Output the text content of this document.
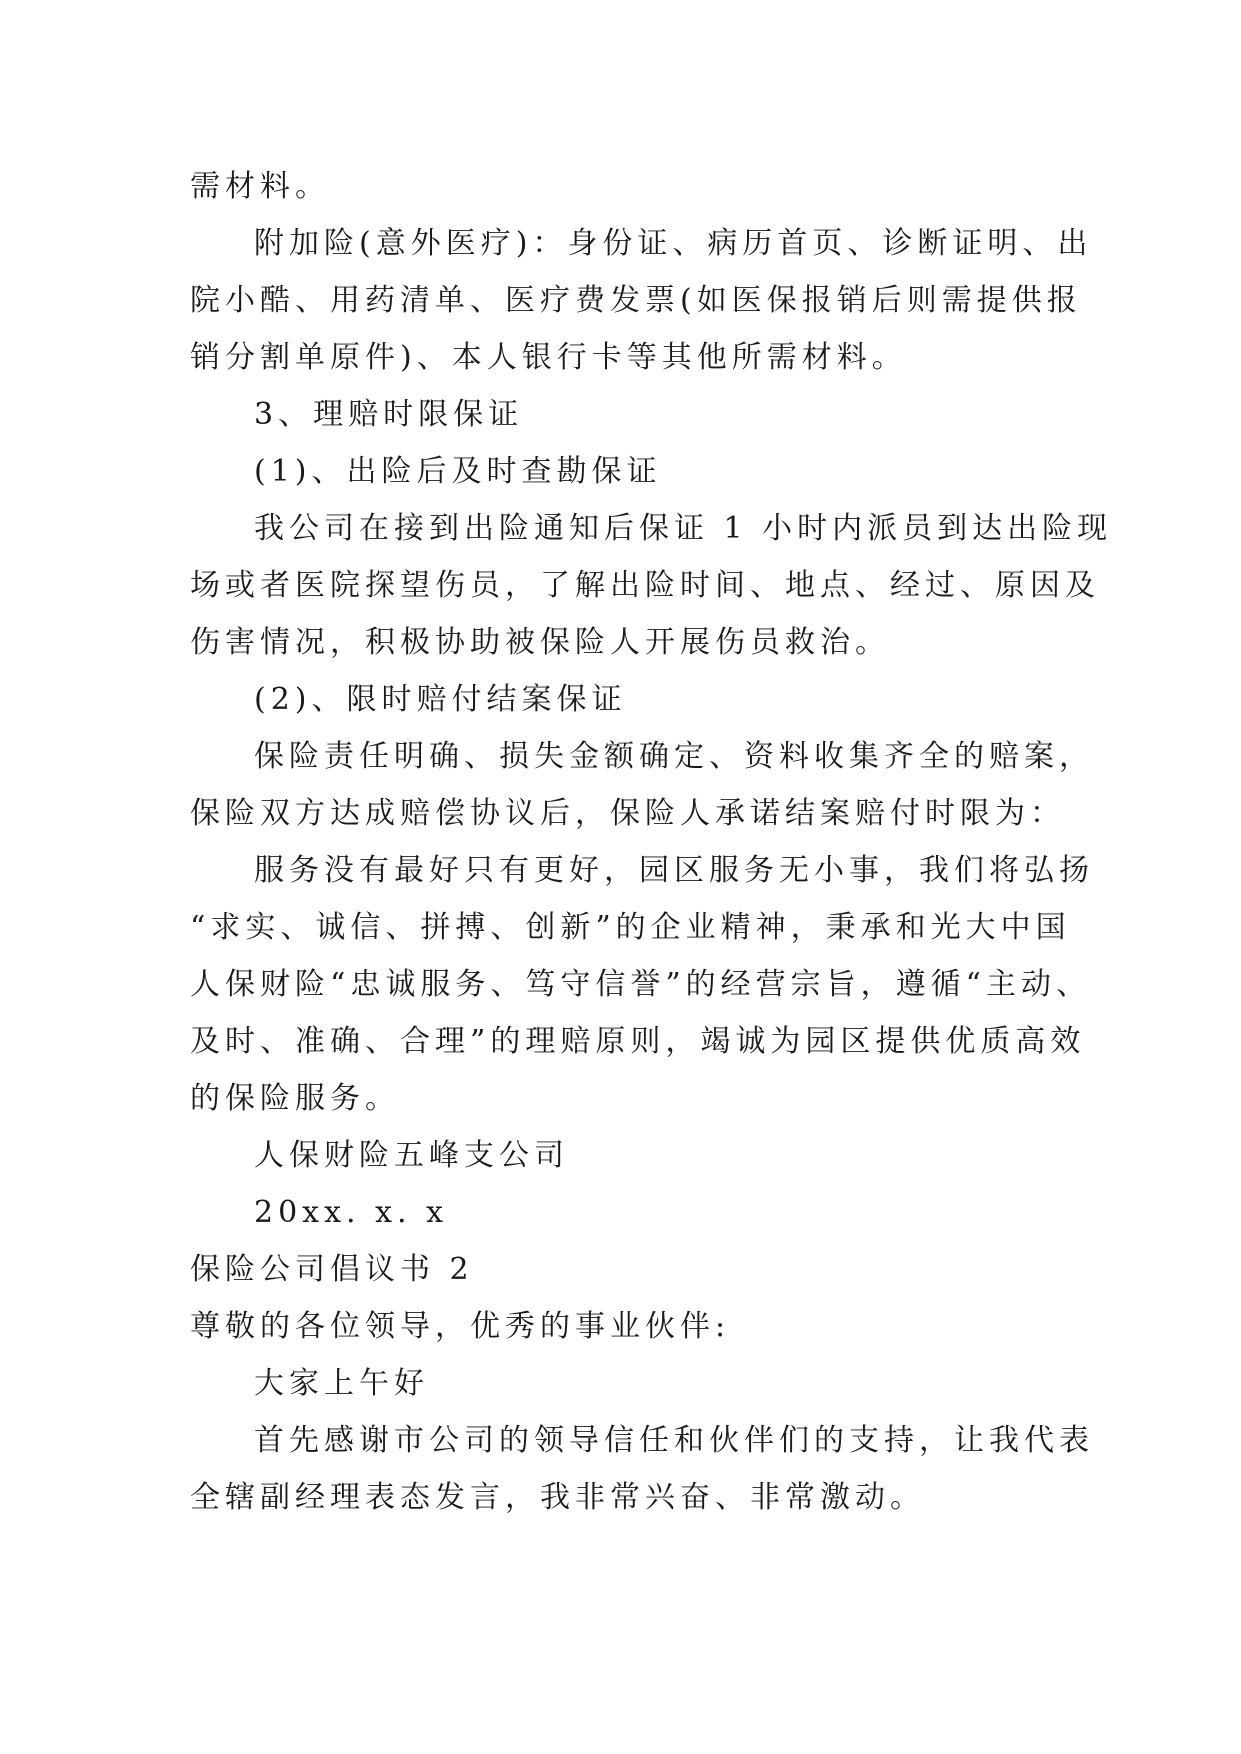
需材料。

附加险(意外医疗)：身份证、病历首页、诊断证明、出

院小酷、用药清单、医疗费发票(如医保报销后则需提供报

销分割单原件)、本人银行卡等其他所需材料。

3、理赔时限保证

(1)、出险后及时查勘保证

我公司在接到出险通知后保证 1 小时内派员到达出险现

场或者医院探望伤员，了解出险时间、地点、经过、原因及

伤害情况，积极协助被保险人开展伤员救治。

(2)、限时赔付结案保证

保险责任明确、损失金额确定、资料收集齐全的赔案，

保险双方达成赔偿协议后，保险人承诺结案赔付时限为：

服务没有最好只有更好，园区服务无小事，我们将弘扬

“求实、诚信、拼搏、创新”的企业精神，秉承和光大中国

人保财险“忠诚服务、笃守信誉”的经营宗旨，遵循“主动、

及时、准确、合理”的理赔原则，竭诚为园区提供优质高效

的保险服务。

人保财险五峰支公司

20xx. x. x

保险公司倡议书 2

尊敬的各位领导，优秀的事业伙伴:

大家上午好

首先感谢市公司的领导信任和伙伴们的支持，让我代表

全辖副经理表态发言，我非常兴奋、非常激动。
